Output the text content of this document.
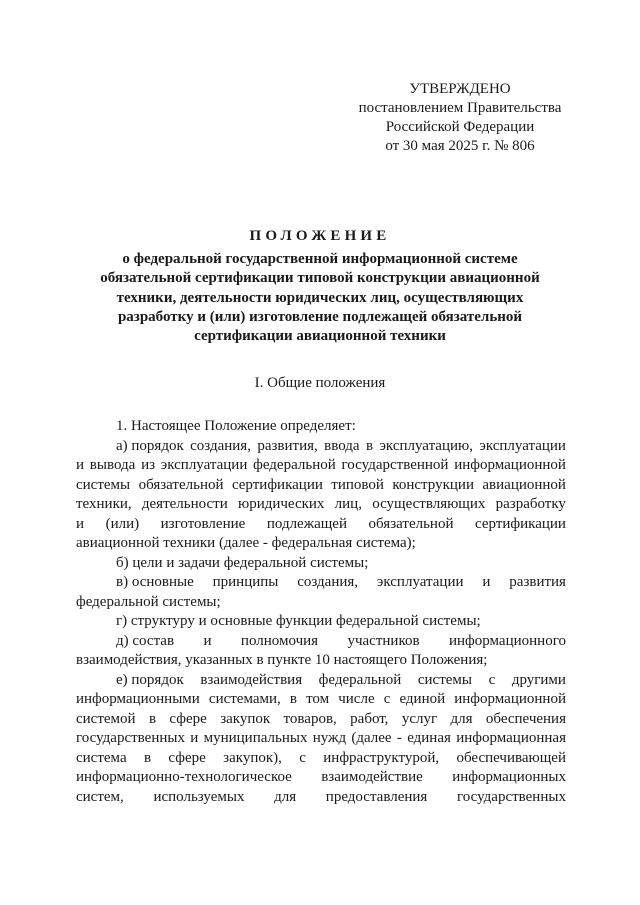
УТВЕРЖДЕНО
постановлением Правительства
Российской Федерации
от 30 мая 2025 г. № 806
ПОЛОЖЕНИЕ
о федеральной государственной информационной системе
обязательной сертификации типовой конструкции авиационной
техники, деятельности юридических лиц, осуществляющих
разработку и (или) изготовление подлежащей обязательной
сертификации авиационной техники
I. Общие положения
1. Настоящее Положение определяет:
а) порядок создания, развития, ввода в эксплуатацию, эксплуатации
и вывода из эксплуатации федеральной государственной информационной
системы обязательной сертификации типовой конструкции авиационной
техники, деятельности юридических лиц, осуществляющих разработку
и (или) изготовление подлежащей обязательной сертификации
авиационной техники (далее - федеральная система);
б) цели и задачи федеральной системы;
в) основные принципы создания, эксплуатации и развития
федеральной системы;
г) структуру и основные функции федеральной системы;
д) состав и полномочия участников информационного
взаимодействия, указанных в пункте 10 настоящего Положения;
е) порядок взаимодействия федеральной системы с другими
информационными системами, в том числе с единой информационной
системой в сфере закупок товаров, работ, услуг для обеспечения
государственных и муниципальных нужд (далее - единая информационная
система в сфере закупок), с инфраструктурой, обеспечивающей
информационно-технологическое взаимодействие информационных
систем, используемых для предоставления государственных
